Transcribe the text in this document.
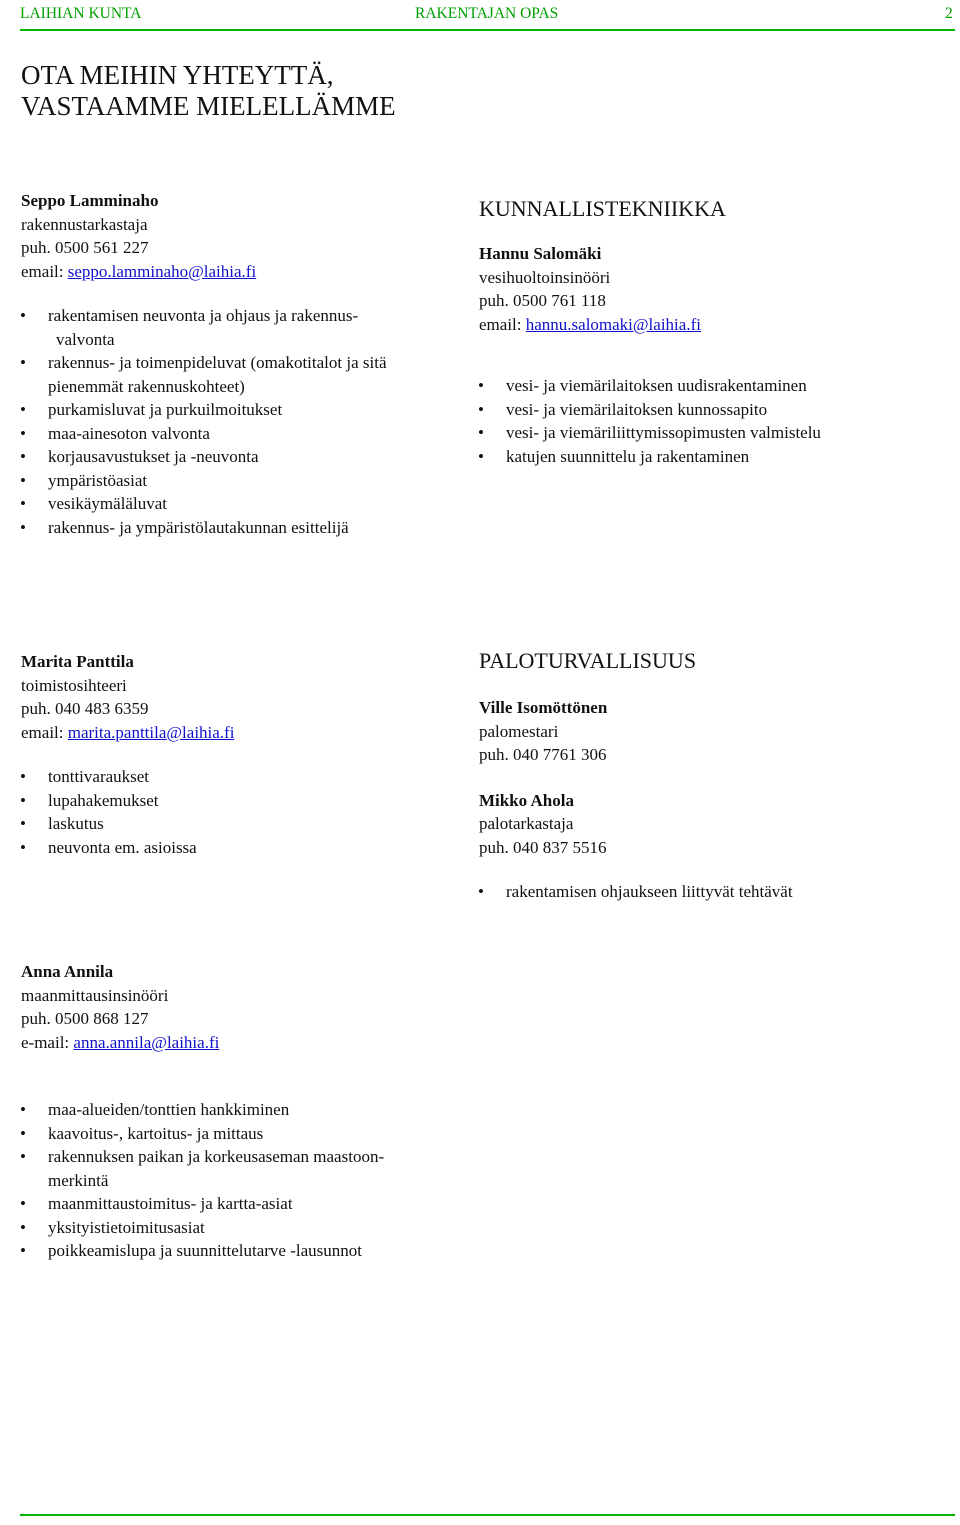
LAIHIAN KUNTA	RAKENTAJAN OPAS	2
OTA MEIHIN YHTEYTTÄ,
VASTAAMME MIELELLÄMME
Seppo Lamminaho
rakennustarkastaja
puh. 0500 561 227
email: seppo.lamminaho@laihia.fi
• rakentamisen neuvonta ja ohjaus ja rakennus-
valvonta
• rakennus- ja toimenpideluvat (omakotitalot ja sitä
pienemmät rakennuskohteet)
• purkamisluvat ja purkuilmoitukset
• maa-ainesoton valvonta
• korjausavustukset ja -neuvonta
• ympäristöasiat
• vesikäymäläluvat
• rakennus- ja ympäristölautakunnan esittelijä
KUNNALLISTEKNIIKKA
Hannu Salomäki
vesihuoltoinsinööri
puh. 0500 761 118
email: hannu.salomaki@laihia.fi
• vesi- ja viemärilaitoksen uudisrakentaminen
• vesi- ja viemärilaitoksen kunnossapito
• vesi- ja viemäriliittymissopimusten valmistelu
• katujen suunnittelu ja rakentaminen
Marita Panttila
toimistosihteeri
puh. 040 483 6359
email: marita.panttila@laihia.fi
• tonttivaraukset
• lupahakemukset
• laskutus
• neuvonta em. asioissa
PALOTURVALLISUUS
Ville Isomöttönen
palomestari
puh. 040 7761 306
Mikko Ahola
palotarkastaja
puh. 040 837 5516
• rakentamisen ohjaukseen liittyvät tehtävät
Anna Annila
maanmittausinsinööri
puh. 0500 868 127
e-mail: anna.annila@laihia.fi
• maa-alueiden/tonttien hankkiminen
• kaavoitus-, kartoitus- ja mittaus
• rakennuksen paikan ja korkeusaseman maastoon-
merkintä
• maanmittaustoimitus- ja kartta-asiat
• yksityistietoimitusasiat
• poikkeamislupa ja suunnittelutarve -lausunnot
